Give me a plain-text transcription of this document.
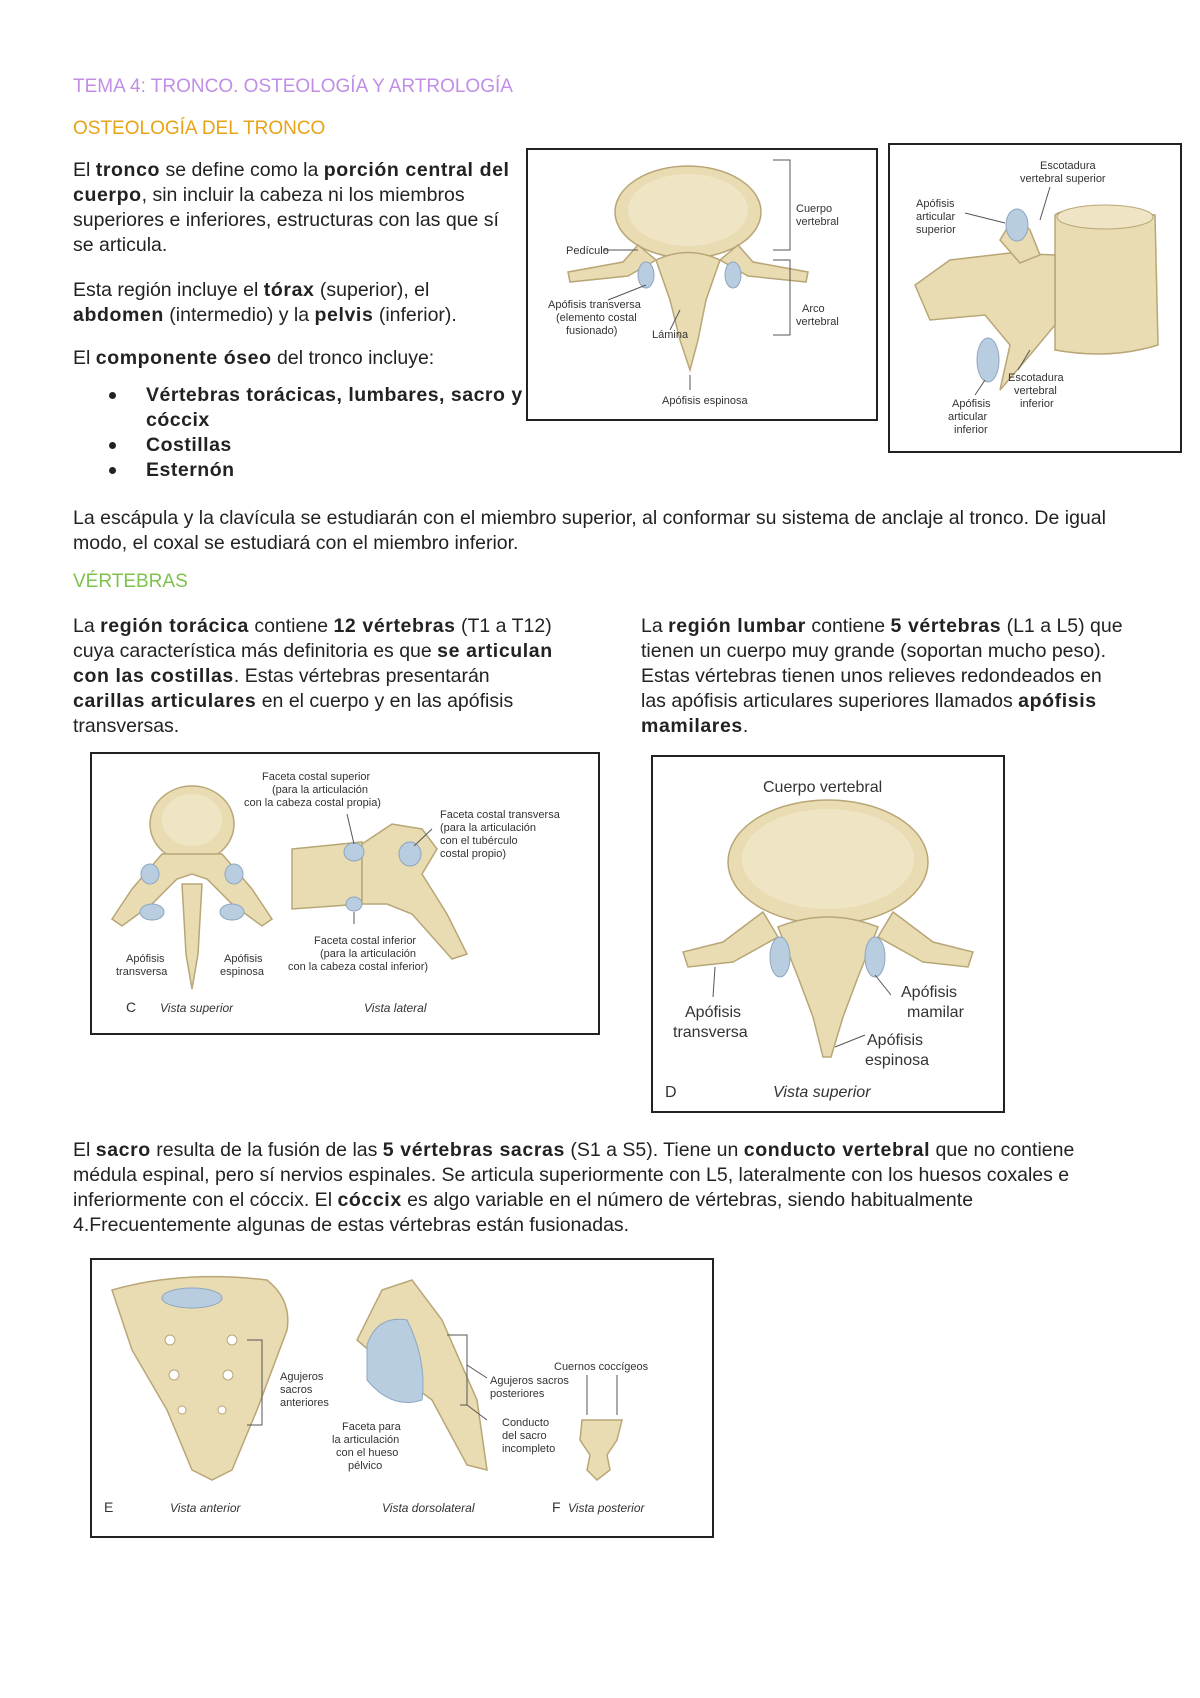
TEMA 4: TRONCO. OSTEOLOGÍA Y ARTROLOGÍA
OSTEOLOGÍA DEL TRONCO
El tronco se define como la porción central del cuerpo, sin incluir la cabeza ni los miembros superiores e inferiores, estructuras con las que sí se articula.
Esta región incluye el tórax (superior), el abdomen (intermedio) y la pelvis (inferior).
El componente óseo del tronco incluye:
Vértebras torácicas, lumbares, sacro y cóccix
Costillas
Esternón
La escápula y la clavícula se estudiarán con el miembro superior, al conformar su sistema de anclaje al tronco. De igual modo, el coxal se estudiará con el miembro inferior.
VÉRTEBRAS
La región torácica contiene 12 vértebras (T1 a T12) cuya característica más definitoria es que se articulan con las costillas. Estas vértebras presentarán carillas articulares en el cuerpo y en las apófisis transversas.
La región lumbar contiene 5 vértebras (L1 a L5) que tienen un cuerpo muy grande (soportan mucho peso). Estas vértebras tienen unos relieves redondeados en las apófisis articulares superiores llamados apófisis mamilares.
El sacro resulta de la fusión de las 5 vértebras sacras (S1 a S5). Tiene un conducto vertebral que no contiene médula espinal, pero sí nervios espinales. Se articula superiormente con L5, lateralmente con los huesos coxales e inferiormente con el cóccix. El cóccix es algo variable en el número de vértebras, siendo habitualmente 4.Frecuentemente algunas de estas vértebras están fusionadas.
Cuerpo vertebral
Pedículo
Apófisis transversa (elemento costal fusionado)	Lámina
Arco vertebral
Apófisis espinosa
Escotadura vertebral superior
Apófisis articular superior
Escotadura vertebral inferior
Apófisis articular inferior
Faceta costal superior (para la articulación con la cabeza costal propia)
Faceta costal transversa (para la articulación con el tubérculo costal propio)
Faceta costal inferior (para la articulación con la cabeza costal inferior)
Apófisis transversa
Apófisis espinosa
C Vista superior	Vista lateral
Cuerpo vertebral
Apófisis transversa
Apófisis mamilar
Apófisis espinosa
D	Vista superior
Agujeros sacros anteriores
Faceta para la articulación con el hueso pélvico
Agujeros sacros posteriores
Conducto del sacro incompleto
Cuernos coccígeos
E	Vista anterior	Vista dorsolateral	F Vista posterior
